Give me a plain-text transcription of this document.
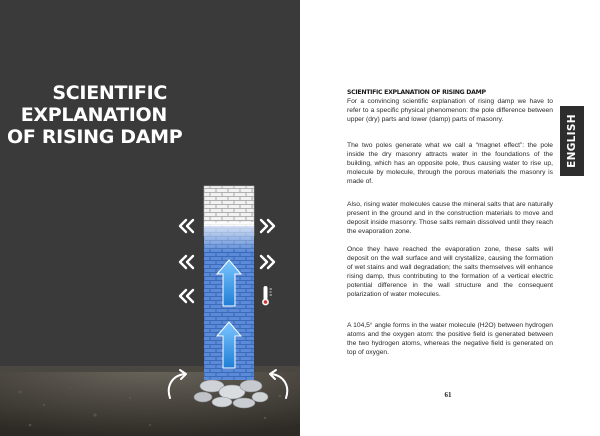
SCIENTIFIC
EXPLANATION
OF RISING DAMP
SCIENTIFIC EXPLANATION OF RISING DAMP

For a convincing scientific explanation of rising damp we have to refer to a specific physical phenomenon: the pole difference between upper (dry) parts and lower (damp) parts of masonry.

The two poles generate what we call a “magnet effect”: the pole inside the dry masonry attracts water in the foundations of the building, which has an opposite pole, thus causing water to rise up, molecule by molecule, through the porous materials the masonry is made of.

Also, rising water molecules cause the mineral salts that are naturally present in the ground and in the construction materials to move and deposit inside masonry. Those salts remain dissolved until they reach the evaporation zone.

Once they have reached the evaporation zone, these salts will deposit on the wall surface and will crystallize, causing the formation of wet stains and wall degradation; the salts themselves will enhance rising damp, thus contributing to the formation of a vertical electric potential difference in the wall structure and the consequent polarization of water molecules.

A 104,5° angle forms in the water molecule (H2O) between hydrogen atoms and the oxygen atom: the positive field is generated between the two hydrogen atoms, whereas the negative field is generated on top of oxygen.

ENGLISH
61
